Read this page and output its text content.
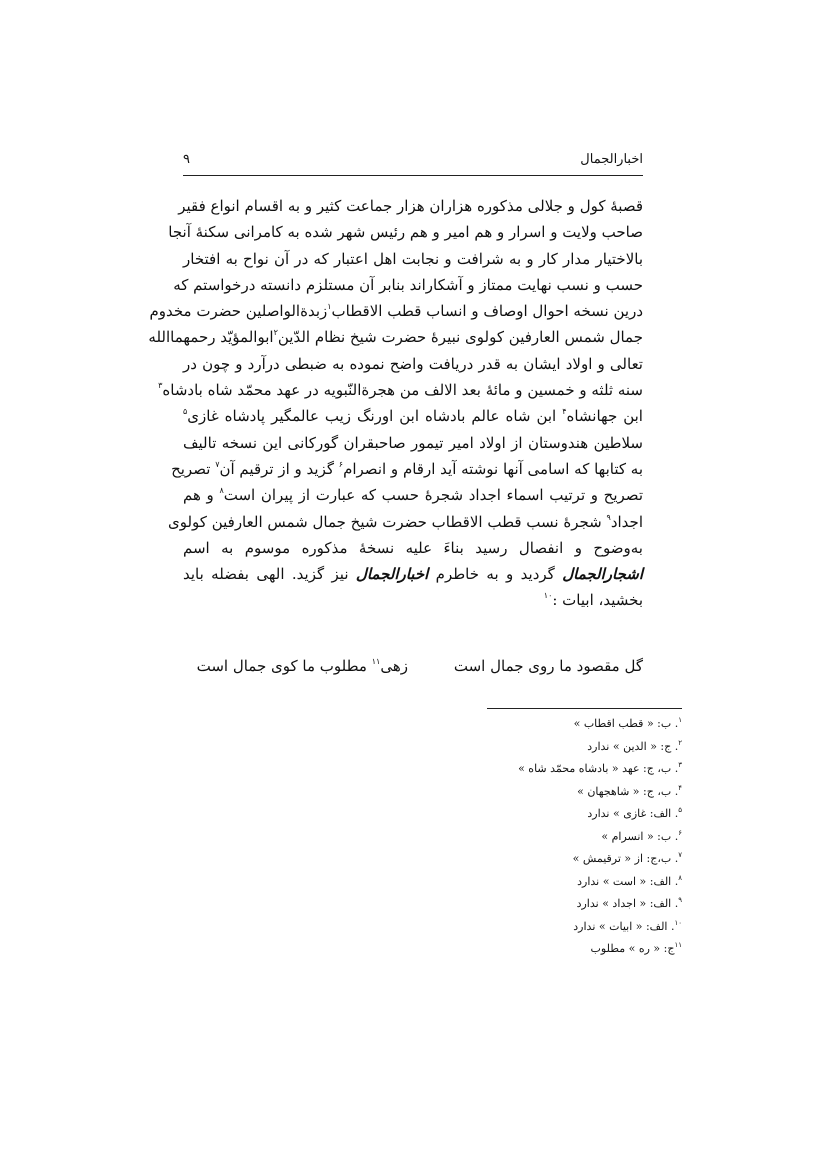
اخبارالجمال
۹
قصبهٔ کول و جلالی مذکوره هزاران هزار جماعت کثیر و به اقسام انواع فقیر
صاحب ولایت و اسرار و هم امیر و هم رئیس شهر شده به کامرانی سکنهٔ آنجا
بالاختیار مدار کار و به شرافت و نجابت اهل اعتبار که در آن نواح به افتخار
حسب و نسب نهایت ممتاز و آشکاراند بنابر آن مستلزم دانسته درخواستم که
درین نسخه احوال اوصاف و انساب قطب الاقطاب$^۱$زبدةالواصلین حضرت مخدوم
جمال شمس العارفین کولوی نبیرهٔ حضرت شیخ نظام الدّین$^۲$ابوالمؤیّد رحمهماالله
تعالی و اولاد ایشان به قدر دریافت واضح نموده به ضبطی درآرد و چون در
سنه ثلثه و خمسین و مائهٔ بعد الالف من هجرةالنّبویه در عهد محمّد شاه بادشاه$^۳$
ابن جهانشاه$^۴$ ابن شاه عالم بادشاه ابن اورنگ زیب عالمگیر پادشاه غازی$^۵$
سلاطین هندوستان از اولاد امیر تیمور صاحبقران گورکانی این نسخه تالیف
به کتابها که اسامی آنها نوشته آید ارقام و انصرام$^۶$ گزید و از ترقیم آن$^۷$ تصریح
تصریح و ترتیب اسماء اجداد شجرهٔ حسب که عبارت از پیران است$^۸$ و هم
اجداد$^۹$ شجرهٔ نسب قطب الاقطاب حضرت شیخ جمال شمس العارفین کولوی
به‌وضوح و انفصال رسید بناءَ علیه نسخهٔ مذکوره موسوم به اسم
اشجارالجمال گردید و به خاطرم اخبارالجمال نیز گزید. الهی بفضله باید
بخشید، ابیات :$^{۱۰}$
گل مقصود ما روی جمال است
زهی$^{۱۱}$ مطلوب ما کوی جمال است
$^۱$. ب: « قطب اقطاب »
$^۲$. ج: « الدین » ندارد
$^۳$. ب، ج: عهد « بادشاه محمّد شاه »
$^۴$. ب، ج: « شاهجهان »
$^۵$. الف: غازی » ندارد
$^۶$. ب: « انسرام »
$^۷$. ب،ج: از « ترقیمش »
$^۸$. الف: « است » ندارد
$^۹$. الف: « اجداد » ندارد
$^{۱۰}$. الف: « ابیات » ندارد
$^{۱۱}$ج: « ره » مطلوب
